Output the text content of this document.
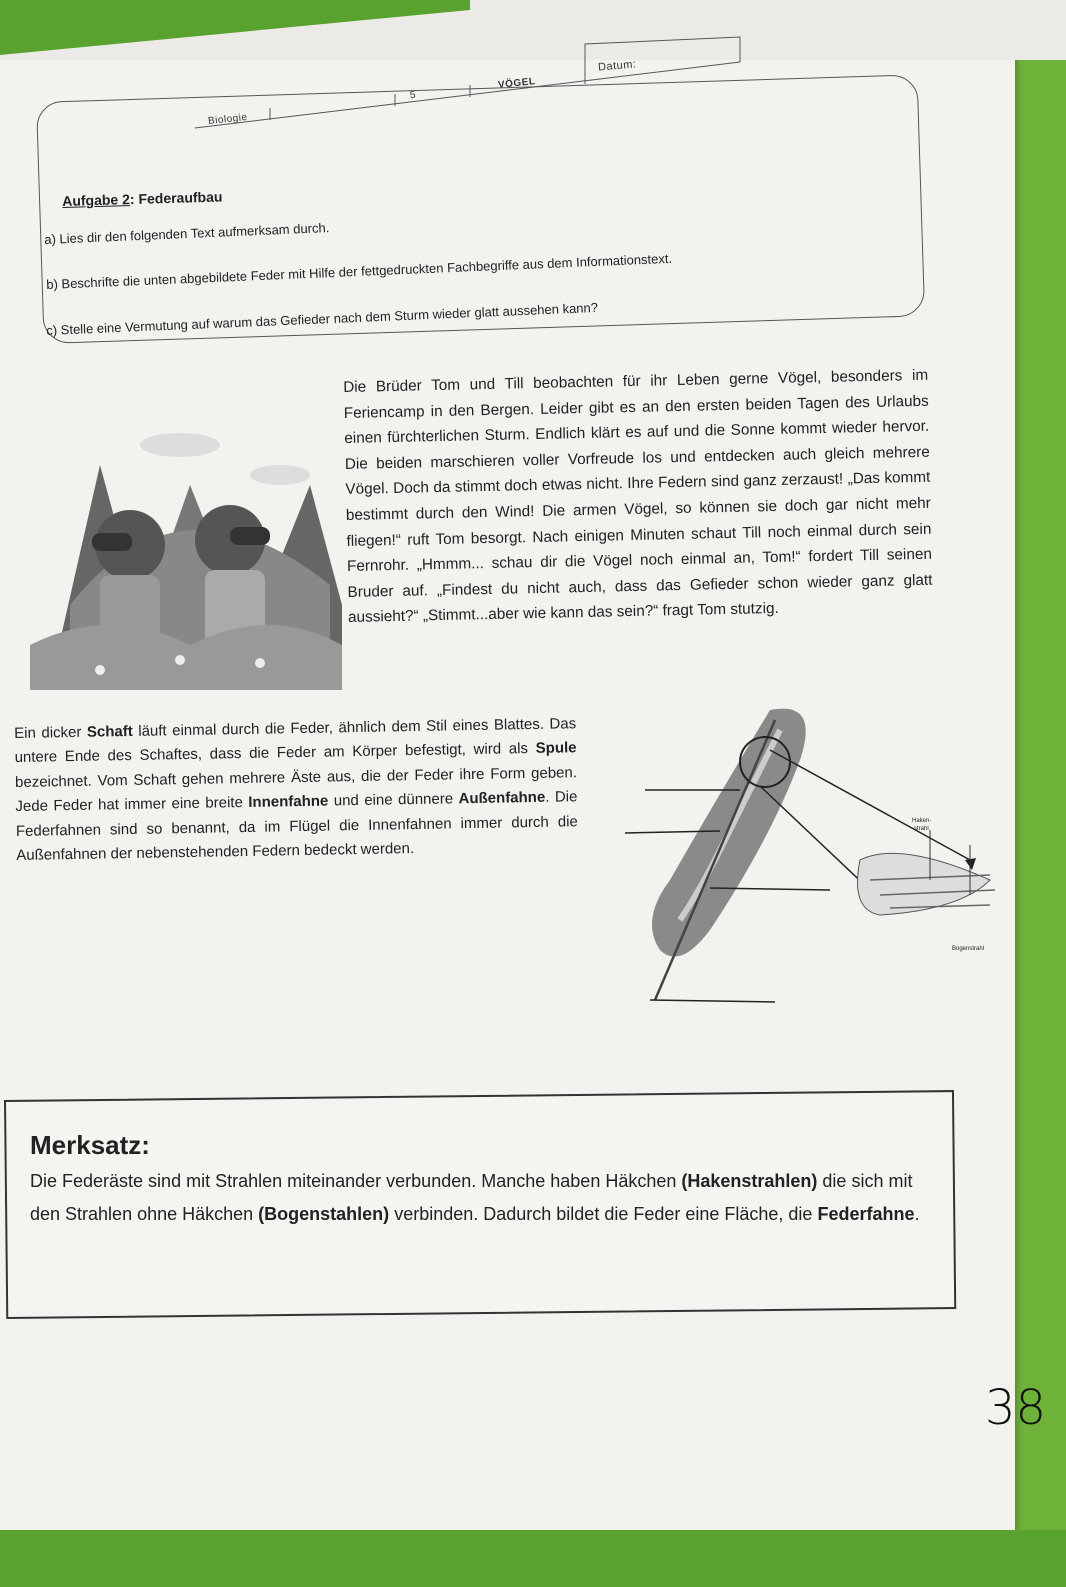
Biologie
5
VÖGEL
Datum:
Aufgabe 2: Federaufbau
a) Lies dir den folgenden Text aufmerksam durch.
b) Beschrifte die unten abgebildete Feder mit Hilfe der fettgedruckten Fachbegriffe aus dem Informationstext.
c) Stelle eine Vermutung auf warum das Gefieder nach dem Sturm wieder glatt aussehen kann?

Die Brüder Tom und Till beobachten für ihr Leben gerne Vögel, besonders im Feriencamp in den Bergen. Leider gibt es an den ersten beiden Tagen des Urlaubs einen fürchterlichen Sturm. Endlich klärt es auf und die Sonne kommt wieder hervor. Die beiden marschieren voller Vorfreude los und entdecken auch gleich mehrere Vögel. Doch da stimmt doch etwas nicht. Ihre Federn sind ganz zerzaust! „Das kommt bestimmt durch den Wind! Die armen Vögel, so können sie doch gar nicht mehr fliegen!“ ruft Tom besorgt. Nach einigen Minuten schaut Till noch einmal durch sein Fernrohr. „Hmmm... schau dir die Vögel noch einmal an, Tom!“ fordert Till seinen Bruder auf. „Findest du nicht auch, dass das Gefieder schon wieder ganz glatt aussieht?“ „Stimmt...aber wie kann das sein?“ fragt Tom stutzig.

Ein dicker Schaft läuft einmal durch die Feder, ähnlich dem Stil eines Blattes. Das untere Ende des Schaftes, dass die Feder am Körper befestigt, wird als Spule bezeichnet. Vom Schaft gehen mehrere Äste aus, die der Feder ihre Form geben. Jede Feder hat immer eine breite Innenfahne und eine dünnere Außenfahne. Die Federfahnen sind so benannt, da im Flügel die Innenfahnen immer durch die Außenfahnen der nebenstehenden Federn bedeckt werden.

Haken-
strahl
Bogenstrahl
Merksatz:
Die Federäste sind mit Strahlen miteinander verbunden. Manche haben Häkchen (Hakenstrahlen) die sich mit den Strahlen ohne Häkchen (Bogenstahlen) verbinden. Dadurch bildet die Feder eine Fläche, die Federfahne.
38
